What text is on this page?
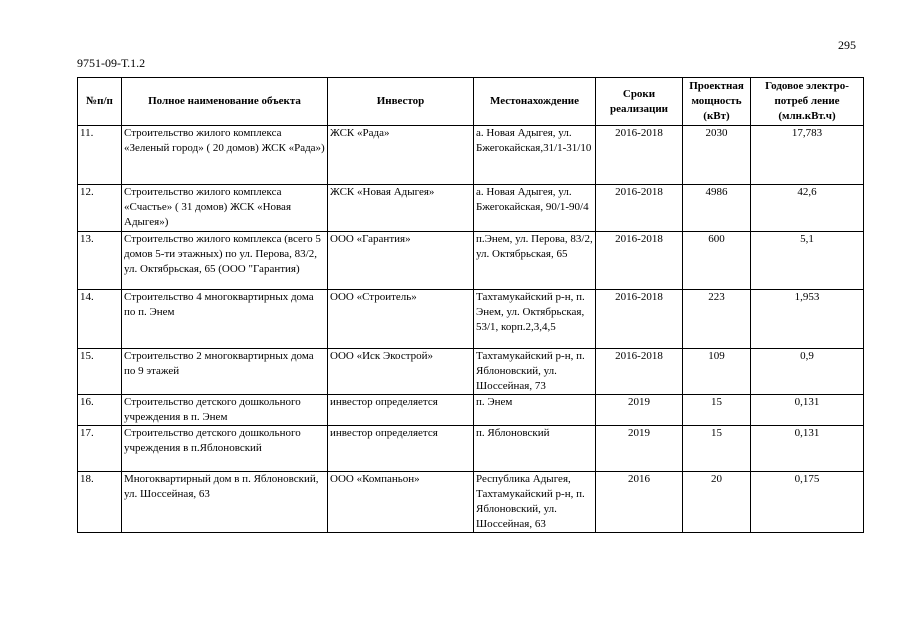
295
9751-09-Т.1.2
№п/п	Полное наименование объекта	Инвестор	Местонахождение	Сроки реализации	Проектная мощность (кВт)	Годовое электро-потреб ление (млн.кВт.ч)
11.	Строительство жилого комплекса «Зеленый город» ( 20 домов) ЖСК «Рада»)	ЖСК «Рада»	а. Новая Адыгея, ул. Бжегокайская,31/1-31/10	2016-2018	2030	17,783
12.	Строительство жилого комплекса «Счастье» ( 31 домов) ЖСК «Новая Адыгея»)	ЖСК «Новая Адыгея»	а. Новая Адыгея, ул. Бжегокайская, 90/1-90/4	2016-2018	4986	42,6
13.	Строительство жилого комплекса (всего 5 домов 5-ти этажных) по ул. Перова, 83/2, ул. Октябрьская, 65 (ООО "Гарантия)	ООО «Гарантия»	п.Энем, ул. Перова, 83/2, ул. Октябрьская, 65	2016-2018	600	5,1
14.	Строительство 4 многоквартирных дома по п. Энем	ООО «Строитель»	Тахтамукайский р-н, п. Энем, ул. Октябрьская, 53/1, корп.2,3,4,5	2016-2018	223	1,953
15.	Строительство 2 многоквартирных дома по 9 этажей	ООО «Иск Экострой»	Тахтамукайский р-н, п. Яблоновский, ул. Шоссейная, 73	2016-2018	109	0,9
16.	Строительство детского дошкольного учреждения в п. Энем	инвестор определяется	п. Энем	2019	15	0,131
17.	Строительство детского дошкольного учреждения в п.Яблоновский	инвестор определяется	п. Яблоновский	2019	15	0,131
18.	Многоквартирный дом в п. Яблоновский, ул. Шоссейная, 63	ООО «Компаньон»	Республика Адыгея, Тахтамукайский р-н, п. Яблоновский, ул. Шоссейная, 63	2016	20	0,175
